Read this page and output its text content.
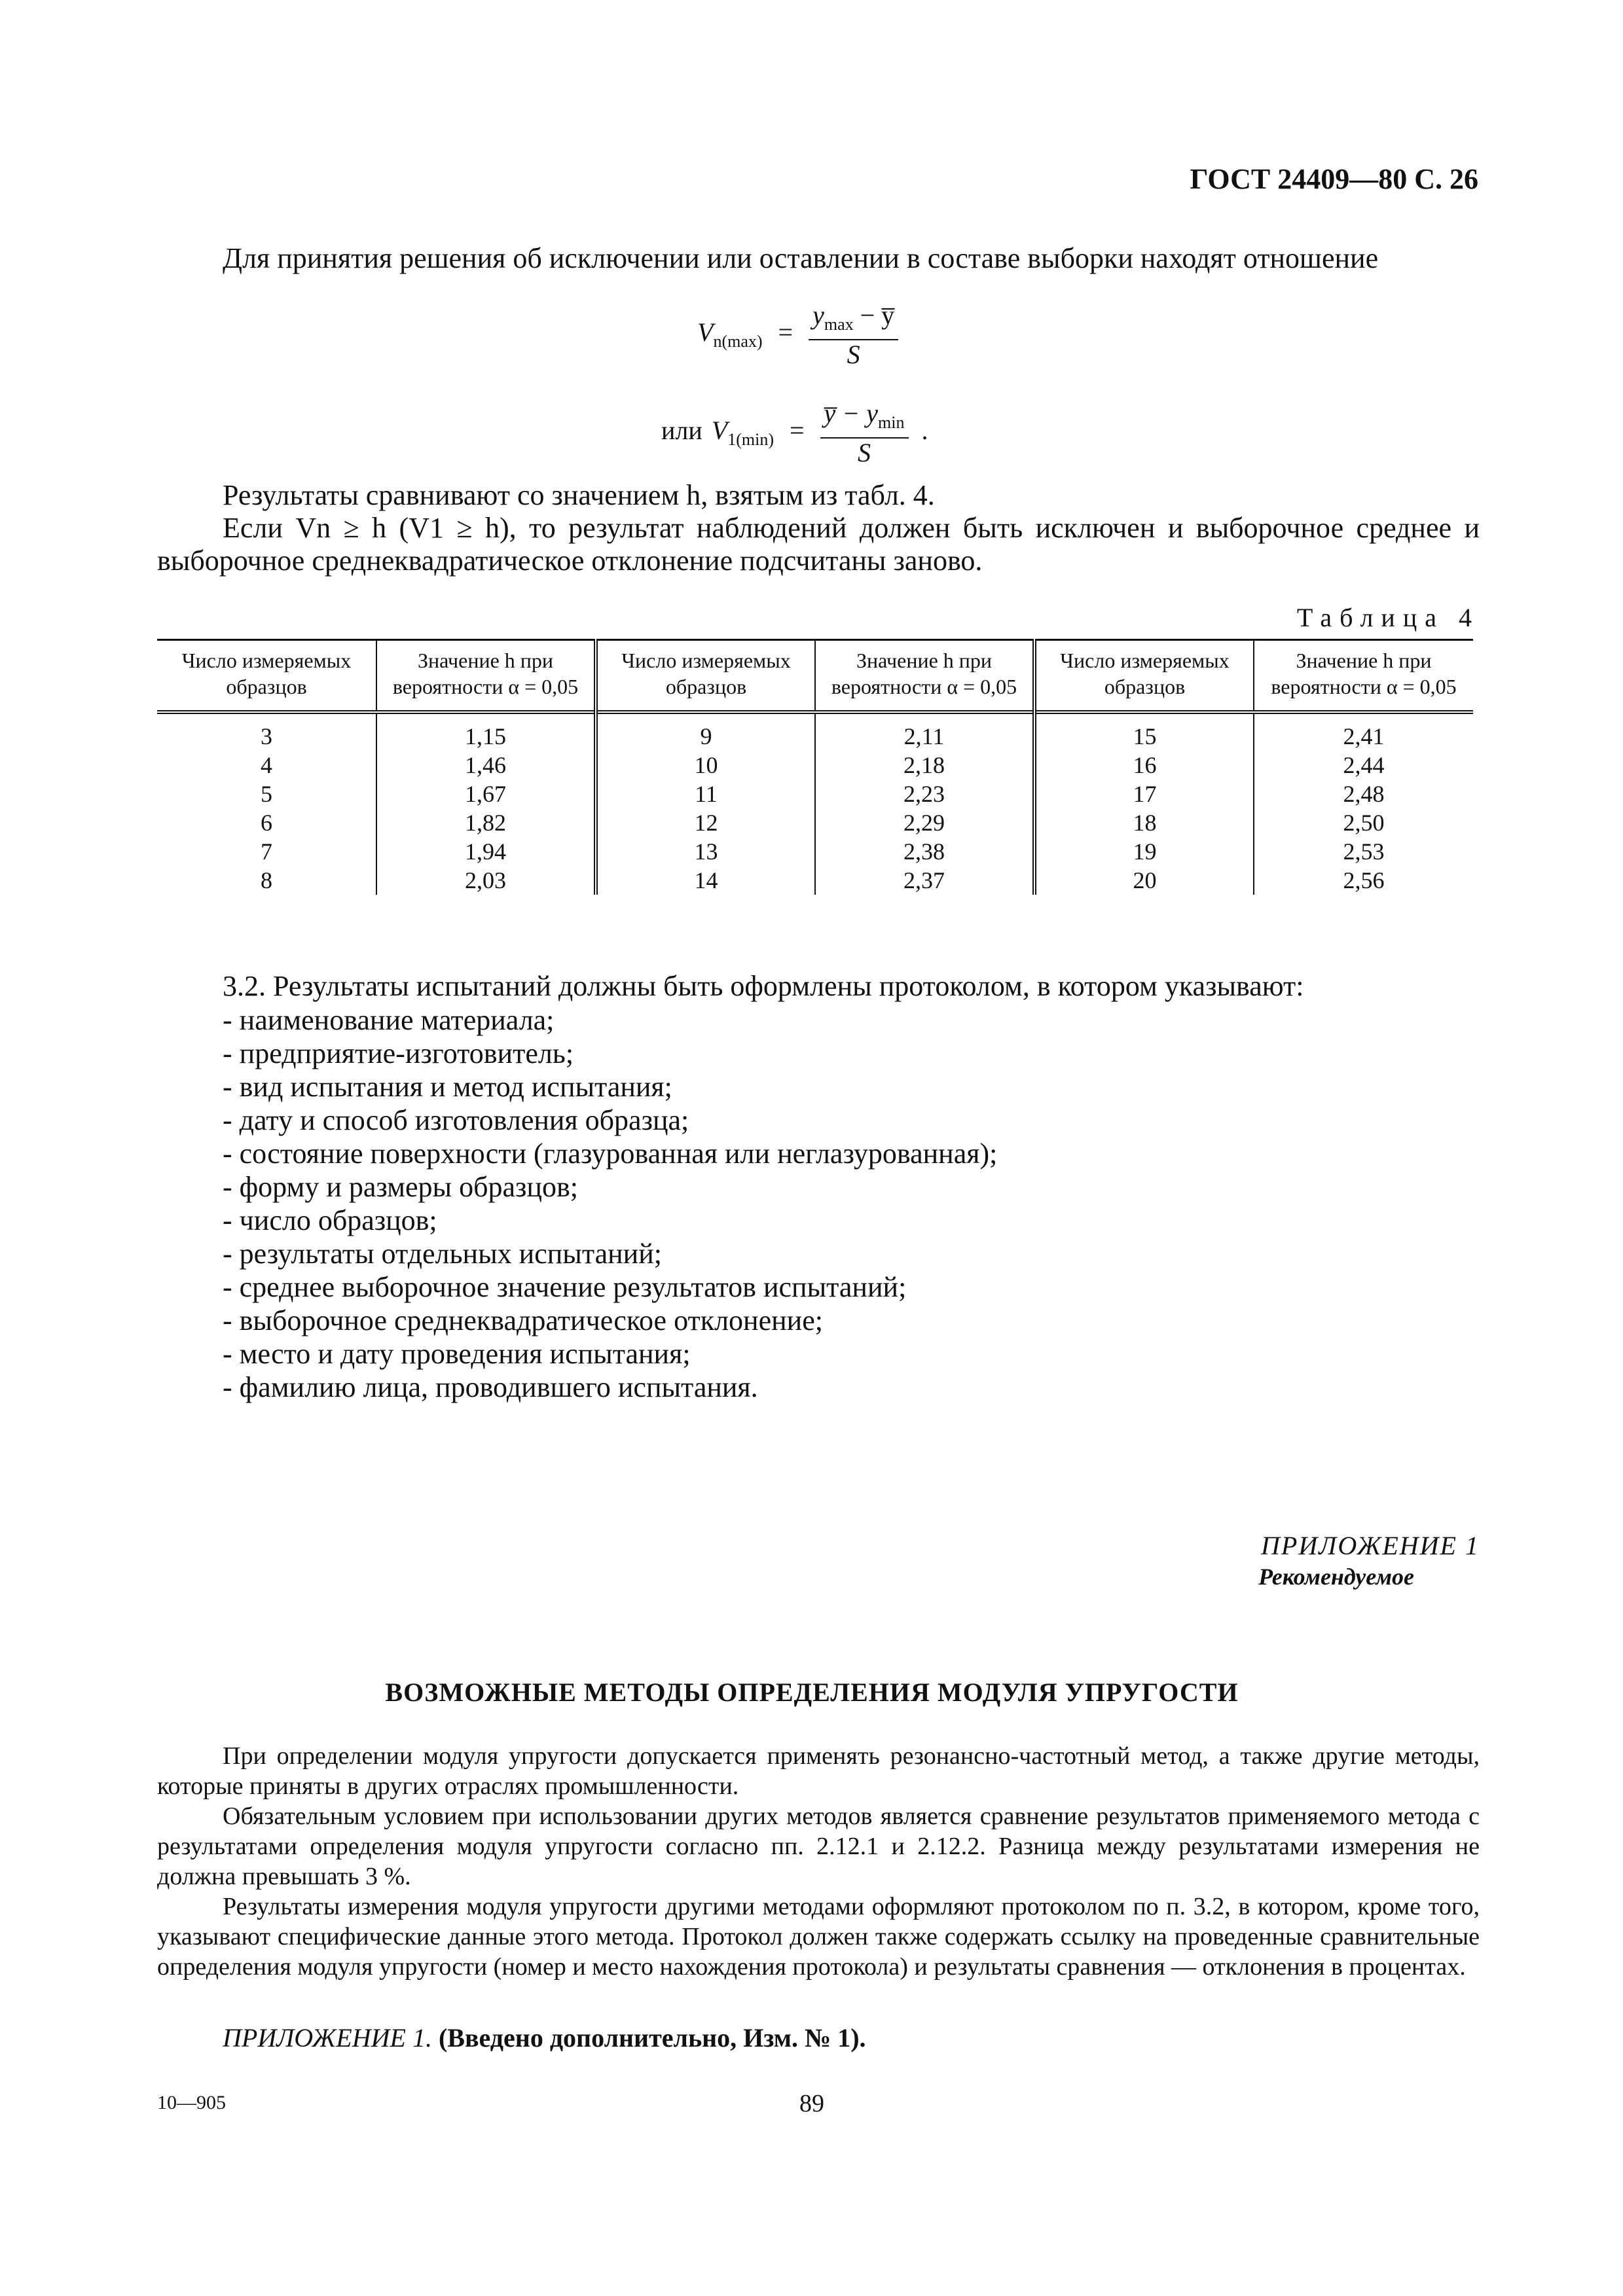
ГОСТ 24409—80 С. 26
Для принятия решения об исключении или оставлении в составе выборки находят отношение
$V_{n(max)} = \frac{y_{max} - y̅}{S}$
или $V_{1(min)} = \frac{y̅ - y_{min}}{S}$ .
Результаты сравнивают со значением h, взятым из табл. 4.
Если Vn ≥ h (V1 ≥ h), то результат наблюдений должен быть исключен и выборочное среднее и выборочное среднеквадратическое отклонение подсчитаны заново.
Таблица 4
Число измеряемых образцов	Значение h при вероятности α = 0,05	Число измеряемых образцов	Значение h при вероятности α = 0,05	Число измеряемых образцов	Значение h при вероятности α = 0,05
3	1,15	9	2,11	15	2,41
4	1,46	10	2,18	16	2,44
5	1,67	11	2,23	17	2,48
6	1,82	12	2,29	18	2,50
7	1,94	13	2,38	19	2,53
8	2,03	14	2,37	20	2,56
3.2. Результаты испытаний должны быть оформлены протоколом, в котором указывают:
- наименование материала;
- предприятие-изготовитель;
- вид испытания и метод испытания;
- дату и способ изготовления образца;
- состояние поверхности (глазурованная или неглазурованная);
- форму и размеры образцов;
- число образцов;
- результаты отдельных испытаний;
- среднее выборочное значение результатов испытаний;
- выборочное среднеквадратическое отклонение;
- место и дату проведения испытания;
- фамилию лица, проводившего испытания.
ПРИЛОЖЕНИЕ 1
Рекомендуемое
ВОЗМОЖНЫЕ МЕТОДЫ ОПРЕДЕЛЕНИЯ МОДУЛЯ УПРУГОСТИ
При определении модуля упругости допускается применять резонансно-частотный метод, а также другие методы, которые приняты в других отраслях промышленности.
Обязательным условием при использовании других методов является сравнение результатов применяемого метода с результатами определения модуля упругости согласно пп. 2.12.1 и 2.12.2. Разница между результатами измерения не должна превышать 3 %.
Результаты измерения модуля упругости другими методами оформляют протоколом по п. 3.2, в котором, кроме того, указывают специфические данные этого метода. Протокол должен также содержать ссылку на проведенные сравнительные определения модуля упругости (номер и место нахождения протокола) и результаты сравнения — отклонения в процентах.
ПРИЛОЖЕНИЕ 1. (Введено дополнительно, Изм. № 1).
10—905	89
